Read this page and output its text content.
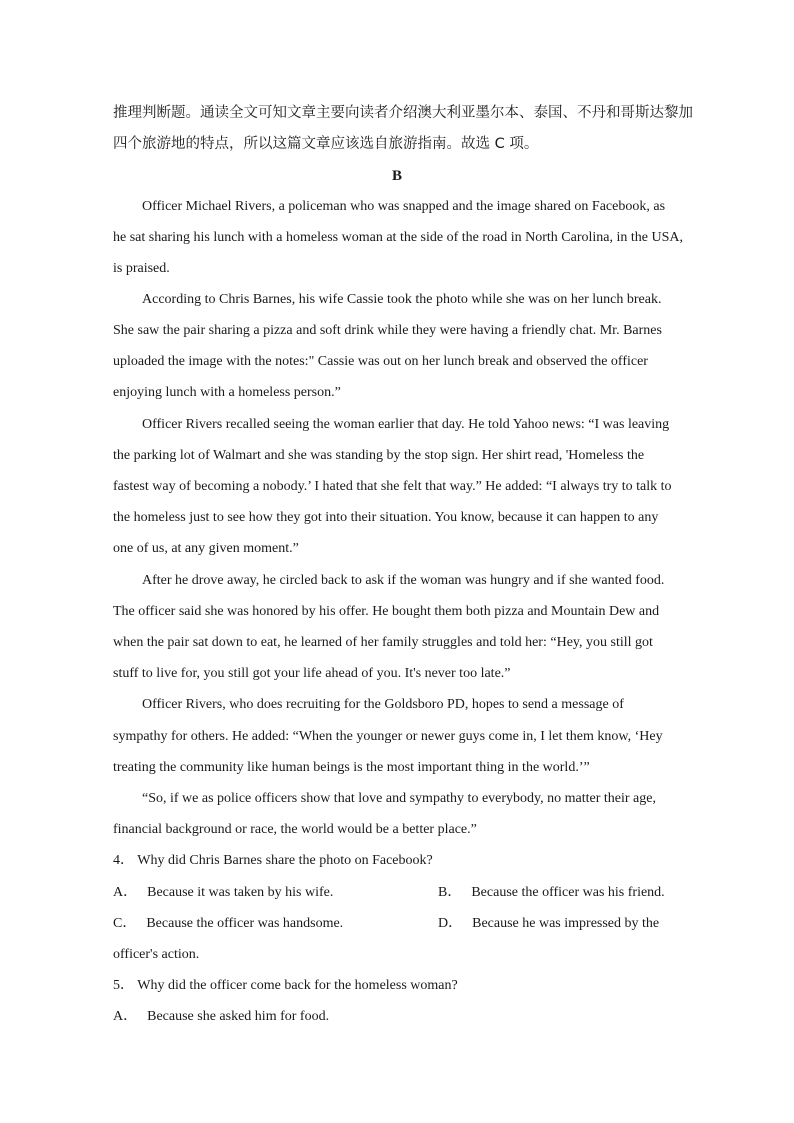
推理判断题。通读全文可知文章主要向读者介绍澳大利亚墨尔本、泰国、不丹和哥斯达黎加
四个旅游地的特点，所以这篇文章应该选自旅游指南。故选 C 项。
B
Officer Michael Rivers, a policeman who was snapped and the image shared on Facebook, as
he sat sharing his lunch with a homeless woman at the side of the road in North Carolina, in the USA,
is praised.
According to Chris Barnes, his wife Cassie took the photo while she was on her lunch break.
She saw the pair sharing a pizza and soft drink while they were having a friendly chat. Mr. Barnes
uploaded the image with the notes:" Cassie was out on her lunch break and observed the officer
enjoying lunch with a homeless person.”
Officer Rivers recalled seeing the woman earlier that day. He told Yahoo news: “I was leaving
the parking lot of Walmart and she was standing by the stop sign. Her shirt read, 'Homeless the
fastest way of becoming a nobody.’ I hated that she felt that way.” He added: “I always try to talk to
the homeless just to see how they got into their situation. You know, because it can happen to any
one of us, at any given moment.”
After he drove away, he circled back to ask if the woman was hungry and if she wanted food.
The officer said she was honored by his offer. He bought them both pizza and Mountain Dew and
when the pair sat down to eat, he learned of her family struggles and told her: “Hey, you still got
stuff to live for, you still got your life ahead of you. It's never too late.”
Officer Rivers, who does recruiting for the Goldsboro PD, hopes to send a message of
sympathy for others. He added: “When the younger or newer guys come in, I let them know, ‘Hey
treating the community like human beings is the most important thing in the world.’”
“So, if we as police officers show that love and sympathy to everybody, no matter their age,
financial background or race, the world would be a better place.”
4． Why did Chris Barnes share the photo on Facebook?
A． Because it was taken by his wife.	B． Because the officer was his friend.
C． Because the officer was handsome.	D． Because he was impressed by the
officer's action.
5． Why did the officer come back for the homeless woman?
A． Because she asked him for food.
